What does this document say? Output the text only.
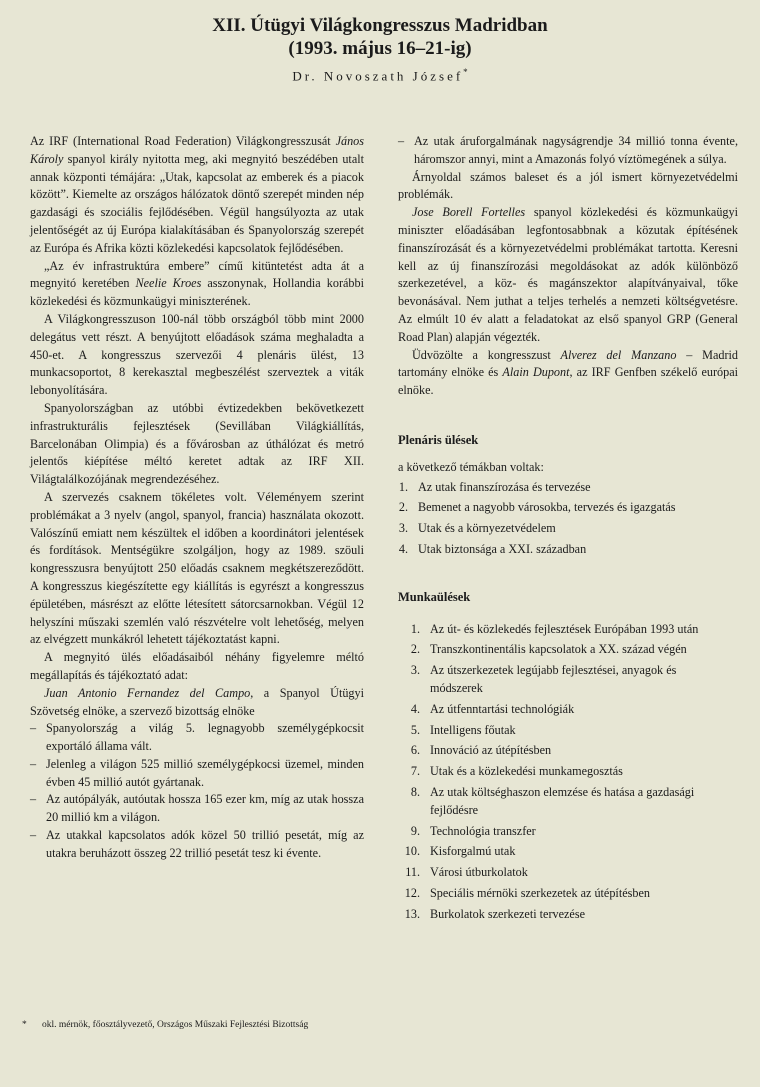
XII. Útügyi Világkongresszus Madridban
(1993. május 16–21-ig)
Dr. Novoszath József*

Az IRF (International Road Federation) Világkongresszusát János Károly spanyol király nyitotta meg, aki megnyitó beszédében utalt annak központi témájára: „Utak, kapcsolat az emberek és a piacok között”. Kiemelte az országos hálózatok döntő szerepét minden nép gazdasági és szociális fejlődésében. Végül hangsúlyozta az utak jelentőségét az új Európa kialakításában és Spanyolország szerepét az Európa és Afrika közti közlekedési kapcsolatok fejlődésében.

„Az év infrastruktúra embere” című kitüntetést adta át a megnyitó keretében Neelie Kroes asszonynak, Hollandia korábbi közlekedési és közmunkaügyi miniszterének.

A Világkongresszuson 100-nál több országból több mint 2000 delegátus vett részt. A benyújtott előadások száma meghaladta a 450-et. A kongresszus szervezői 4 plenáris ülést, 13 munkacsoportot, 8 kerekasztal megbeszélést szerveztek a viták lebonyolítására.

Spanyolországban az utóbbi évtizedekben bekövetkezett infrastrukturális fejlesztések (Sevillában Világkiállítás, Barcelonában Olimpia) és a fővárosban az úthálózat és metró jelentős kiépítése méltó keretet adtak az IRF XII. Világtalálkozójának megrendezéséhez.

A szervezés csaknem tökéletes volt. Véleményem szerint problémákat a 3 nyelv (angol, spanyol, francia) használata okozott. Valószínű emiatt nem készültek el időben a koordinátori jelentések és fordítások. Mentségükre szolgáljon, hogy az 1989. szöuli kongresszusra benyújtott 250 előadás csaknem megkétszereződött. A kongresszus kiegészítette egy kiállítás is egyrészt a kongresszus épületében, másrészt az előtte létesített sátorcsarnokban. Végül 12 helyszíni műszaki szemlén való részvételre volt lehetőség, melyen az elvégzett munkákról lehetett tájékoztatást kapni.

A megnyitó ülés előadásaiból néhány figyelemre méltó megállapítás és tájékoztató adat:

Juan Antonio Fernandez del Campo, a Spanyol Útügyi Szövetség elnöke, a szervező bizottság elnöke

– Spanyolország a világ 5. legnagyobb személygépkocsit exportáló állama vált.
– Jelenleg a világon 525 millió személygépkocsi üzemel, minden évben 45 millió autót gyártanak.
– Az autópályák, autóutak hossza 165 ezer km, míg az utak hossza 20 millió km a világon.
– Az utakkal kapcsolatos adók közel 50 trillió pesetát, míg az utakra beruházott összeg 22 trillió pesetát tesz ki évente.
– Az utak áruforgalmának nagyságrendje 34 millió tonna évente, háromszor annyi, mint a Amazonás folyó víztömegének a súlya.

Árnyoldal számos baleset és a jól ismert környezetvédelmi problémák.

Jose Borell Fortelles spanyol közlekedési és közmunkaügyi miniszter előadásában legfontosabbnak a közutak építésének finanszírozását és a környezetvédelmi problémákat tartotta. Keresni kell az új finanszírozási megoldásokat az adók különböző szerkezetével, a köz- és magánszektor alapítványaival, tőke bevonásával. Nem juthat a teljes terhelés a nemzeti költségvetésre. Az elmúlt 10 év alatt a feladatokat az első spanyol GRP (General Road Plan) alapján végezték.

Üdvözölte a kongresszust Alverez del Manzano – Madrid tartomány elnöke és Alain Dupont, az IRF Genfben székelő európai elnöke.

Plenáris ülések
a következő témákban voltak:
1. Az utak finanszírozása és tervezése
2. Bemenet a nagyobb városokba, tervezés és igazgatás
3. Utak és a környezetvédelem
4. Utak biztonsága a XXI. században
Munkaülések
1. Az út- és közlekedés fejlesztések Európában 1993 után
2. Transzkontinentális kapcsolatok a XX. század végén
3. Az útszerkezetek legújabb fejlesztései, anyagok és módszerek
4. Az útfenntartási technológiák
5. Intelligens főutak
6. Innováció az útépítésben
7. Utak és a közlekedési munkamegosztás
8. Az utak költséghaszon elemzése és hatása a gazdasági fejlődésre
9. Technológia transzfer
10. Kisforgalmú utak
11. Városi útburkolatok
12. Speciális mérnöki szerkezetek az útépítésben
13. Burkolatok szerkezeti tervezése
*	okl. mérnök, főosztályvezető, Országos Műszaki Fejlesztési Bizottság
